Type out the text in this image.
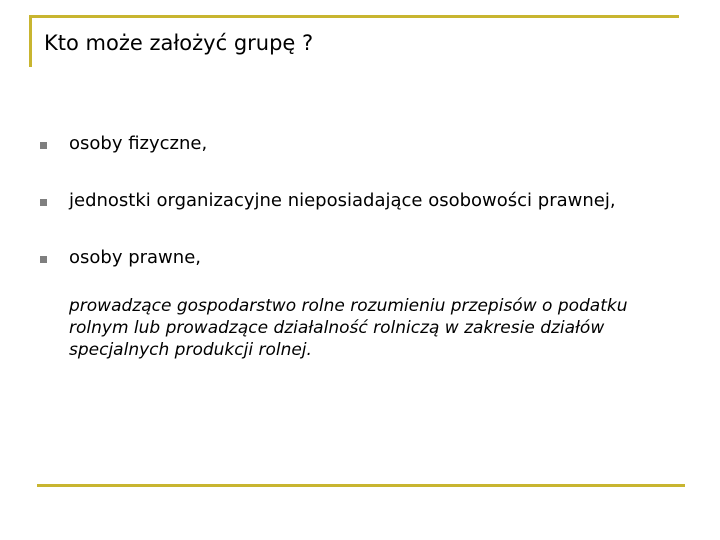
Kto może założyć grupę ?
osoby fizyczne,
jednostki organizacyjne nieposiadające osobowości prawnej,
osoby prawne,
prowadzące gospodarstwo rolne rozumieniu przepisów o podatku rolnym lub prowadzące działalność rolniczą w zakresie działów specjalnych produkcji rolnej.
